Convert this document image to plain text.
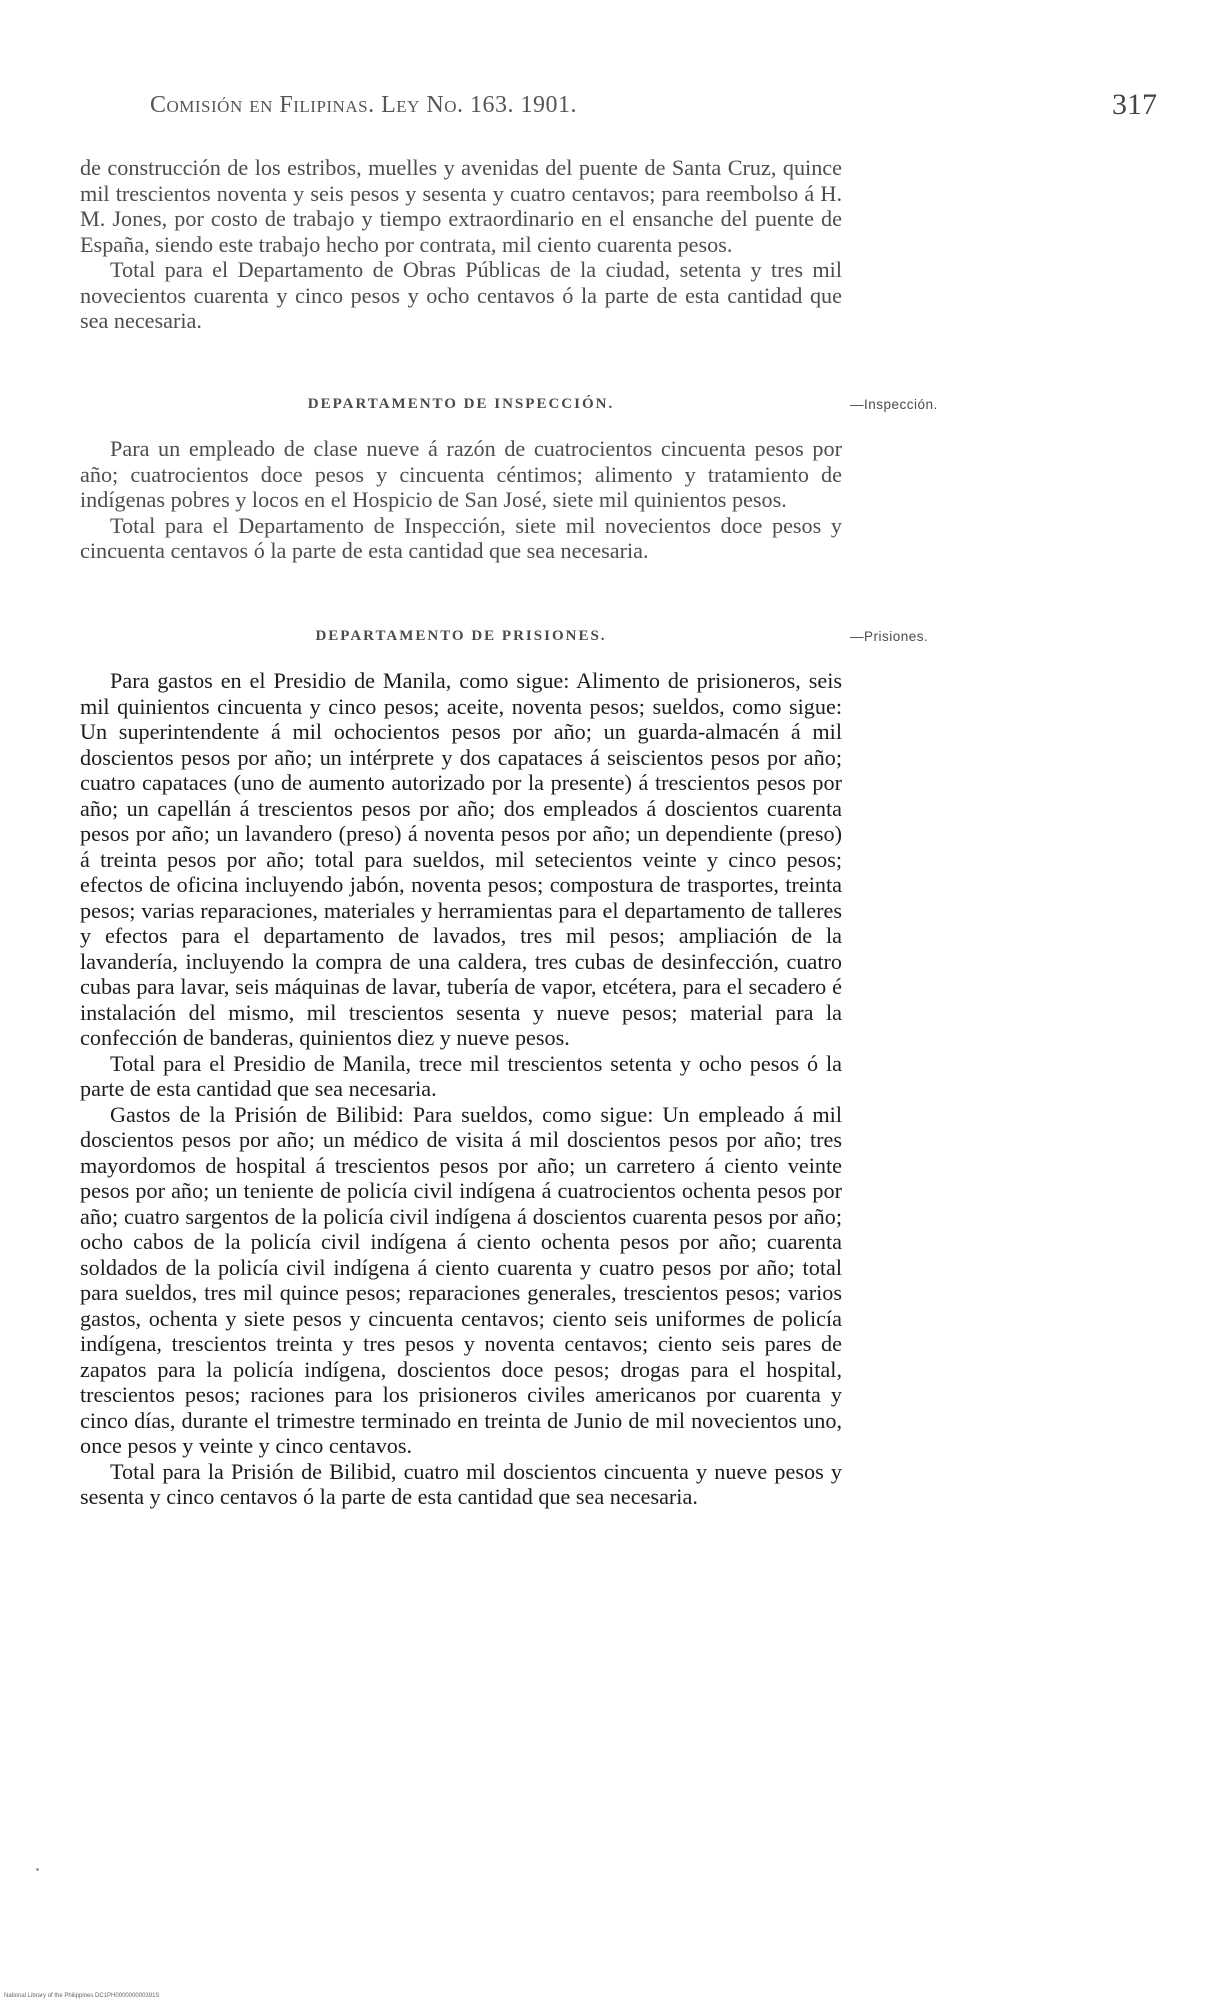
Comisión en Filipinas. Ley No. 163. 1901.	317

de construcción de los estribos, muelles y avenidas del puente de Santa Cruz, quince mil trescientos noventa y seis pesos y sesenta y cuatro centavos; para reembolso á H. M. Jones, por costo de trabajo y tiempo extraordinario en el ensanche del puente de España, siendo este trabajo hecho por contrata, mil ciento cuarenta pesos.

Total para el Departamento de Obras Públicas de la ciudad, setenta y tres mil novecientos cuarenta y cinco pesos y ocho centavos ó la parte de esta cantidad que sea necesaria.

DEPARTAMENTO DE INSPECCIÓN.	—Inspección.

Para un empleado de clase nueve á razón de cuatrocientos cincuenta pesos por año; cuatrocientos doce pesos y cincuenta céntimos; alimento y tratamiento de indígenas pobres y locos en el Hospicio de San José, siete mil quinientos pesos.

Total para el Departamento de Inspección, siete mil novecientos doce pesos y cincuenta centavos ó la parte de esta cantidad que sea necesaria.

DEPARTAMENTO DE PRISIONES.	—Prisiones.

Para gastos en el Presidio de Manila, como sigue: Alimento de prisioneros, seis mil quinientos cincuenta y cinco pesos; aceite, noventa pesos; sueldos, como sigue: Un superintendente á mil ochocientos pesos por año; un guarda-almacén á mil doscientos pesos por año; un intérprete y dos capataces á seiscientos pesos por año; cuatro capataces (uno de aumento autorizado por la presente) á trescientos pesos por año; un capellán á trescientos pesos por año; dos empleados á doscientos cuarenta pesos por año; un lavandero (preso) á noventa pesos por año; un dependiente (preso) á treinta pesos por año; total para sueldos, mil setecientos veinte y cinco pesos; efectos de oficina incluyendo jabón, noventa pesos; compostura de trasportes, treinta pesos; varias reparaciones, materiales y herramientas para el departamento de talleres y efectos para el departamento de lavados, tres mil pesos; ampliación de la lavandería, incluyendo la compra de una caldera, tres cubas de desinfección, cuatro cubas para lavar, seis máquinas de lavar, tubería de vapor, etcétera, para el secadero é instalación del mismo, mil trescientos sesenta y nueve pesos; material para la confección de banderas, quinientos diez y nueve pesos.

Total para el Presidio de Manila, trece mil trescientos setenta y ocho pesos ó la parte de esta cantidad que sea necesaria.

Gastos de la Prisión de Bilibid: Para sueldos, como sigue: Un empleado á mil doscientos pesos por año; un médico de visita á mil doscientos pesos por año; tres mayordomos de hospital á trescientos pesos por año; un carretero á ciento veinte pesos por año; un teniente de policía civil indígena á cuatrocientos ochenta pesos por año; cuatro sargentos de la policía civil indígena á doscientos cuarenta pesos por año; ocho cabos de la policía civil indígena á ciento ochenta pesos por año; cuarenta soldados de la policía civil indígena á ciento cuarenta y cuatro pesos por año; total para sueldos, tres mil quince pesos; reparaciones generales, trescientos pesos; varios gastos, ochenta y siete pesos y cincuenta centavos; ciento seis uniformes de policía indígena, trescientos treinta y tres pesos y noventa centavos; ciento seis pares de zapatos para la policía indígena, doscientos doce pesos; drogas para el hospital, trescientos pesos; raciones para los prisioneros civiles americanos por cuarenta y cinco días, durante el trimestre terminado en treinta de Junio de mil novecientos uno, once pesos y veinte y cinco centavos.

Total para la Prisión de Bilibid, cuatro mil doscientos cincuenta y nueve pesos y sesenta y cinco centavos ó la parte de esta cantidad que sea necesaria.

National Library of the Philippines DC1PH000000000391S
